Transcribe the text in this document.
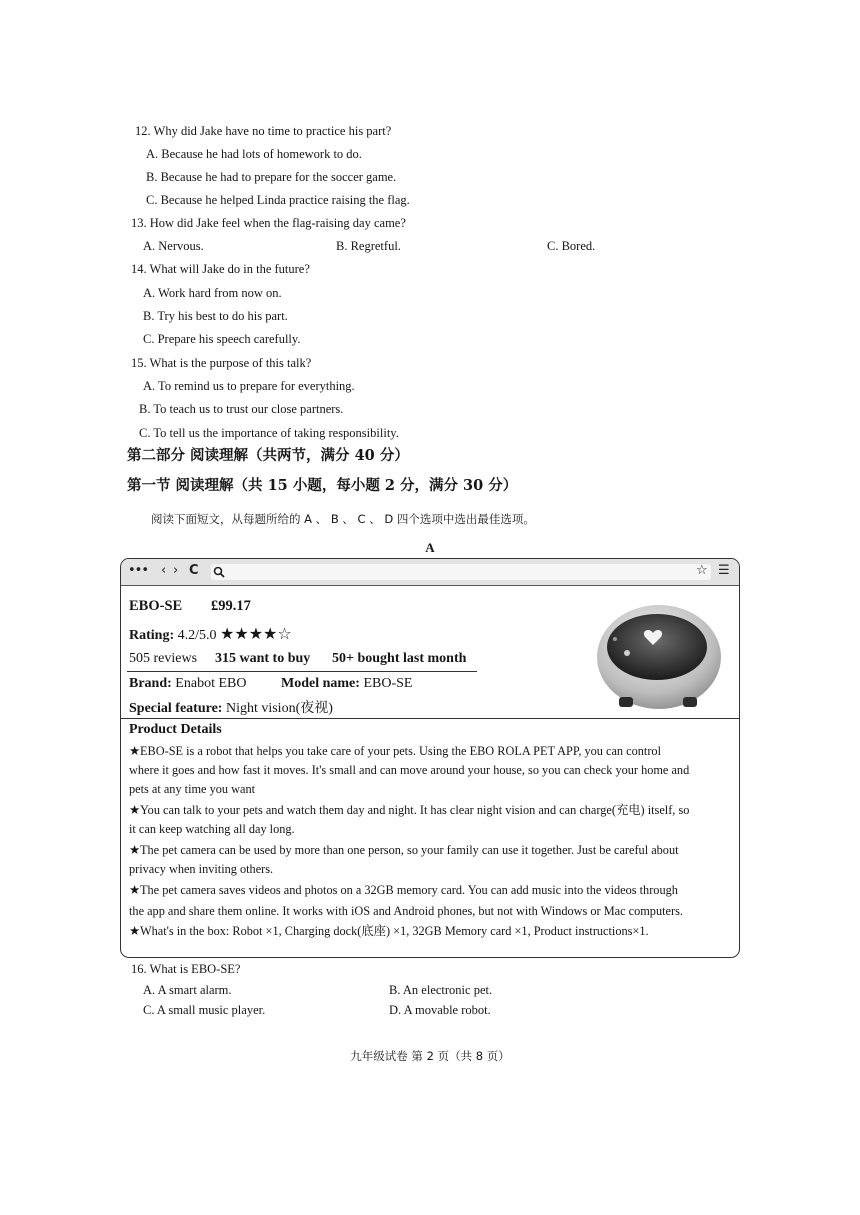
12. Why did Jake have no time to practice his part?
A. Because he had lots of homework to do.
B. Because he had to prepare for the soccer game.
C. Because he helped Linda practice raising the flag.
13. How did Jake feel when the flag-raising day came?
A. Nervous.	B. Regretful.	C. Bored.
14. What will Jake do in the future?
A. Work hard from now on.
B. Try his best to do his part.
C. Prepare his speech carefully.
15. What is the purpose of this talk?
A. To remind us to prepare for everything.
B. To teach us to trust our close partners.
C. To tell us the importance of taking responsibility.
第二部分 阅读理解（共两节，满分 40 分）
第一节 阅读理解（共 15 小题，每小题 2 分，满分 30 分）
阅读下面短文，从每题所给的 A 、 B 、 C 、 D 四个选项中选出最佳选项。
A
••• ‹ › C	☆ ☰
EBO-SE £99.17
Rating: 4.2/5.0 ★★★★☆
505 reviews 315 want to buy 50+ bought last month
Brand: Enabot EBO Model name: EBO-SE
Special feature: Night vision(夜视)
Product Details
★EBO-SE is a robot that helps you take care of your pets. Using the EBO ROLA PET APP, you can control
where it goes and how fast it moves. It's small and can move around your house, so you can check your home and
pets at any time you want
★You can talk to your pets and watch them day and night. It has clear night vision and can charge(充电) itself, so
it can keep watching all day long.
★The pet camera can be used by more than one person, so your family can use it together. Just be careful about
privacy when inviting others.
★The pet camera saves videos and photos on a 32GB memory card. You can add music into the videos through
the app and share them online. It works with iOS and Android phones, but not with Windows or Mac computers.
★What's in the box: Robot ×1, Charging dock(底座) ×1, 32GB Memory card ×1, Product instructions×1.
16. What is EBO-SE?
A. A smart alarm.	B. An electronic pet.
C. A small music player.	D. A movable robot.
九年级试卷 第 2 页（共 8 页）
